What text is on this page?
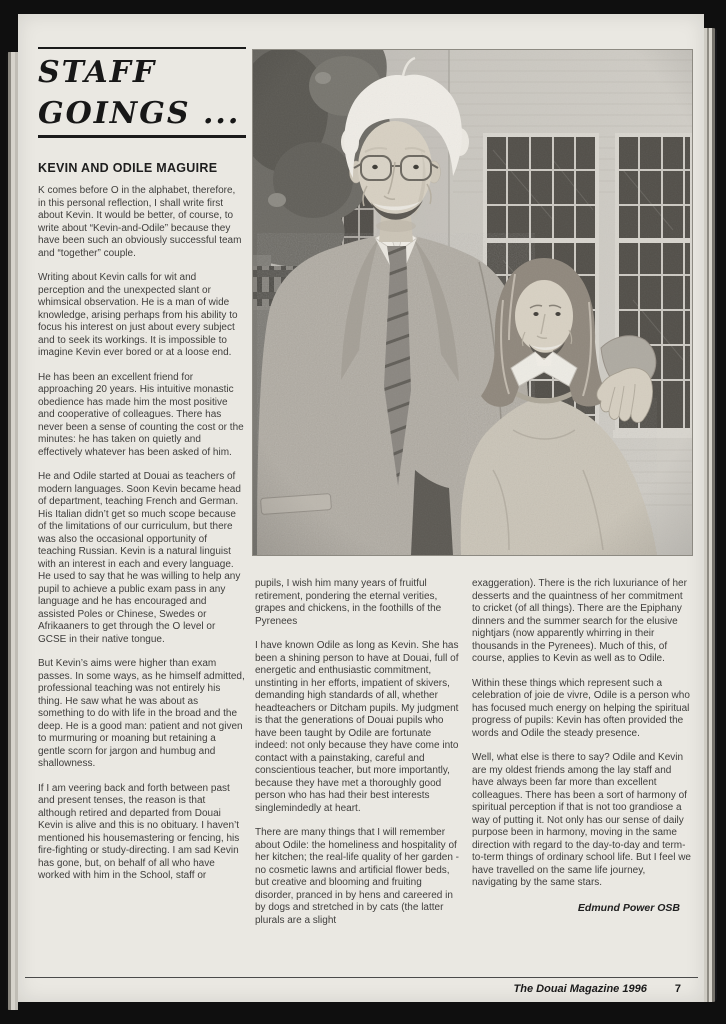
STAFF
GOINGS ...
KEVIN AND ODILE MAGUIRE

K comes before O in the alphabet, therefore, in this personal reflection, I shall write first about Kevin. It would be better, of course, to write about “Kevin-and-Odile” because they have been such an obviously successful team and “together” couple.

Writing about Kevin calls for wit and perception and the unexpected slant or whimsical observation. He is a man of wide knowledge, arising perhaps from his ability to focus his interest on just about every subject and to seek its workings. It is impossible to imagine Kevin ever bored or at a loose end.

He has been an excellent friend for approaching 20 years. His intuitive monastic obedience has made him the most positive and cooperative of colleagues. There has never been a sense of counting the cost or the minutes: he has taken on quietly and effectively whatever has been asked of him.

He and Odile started at Douai as teachers of modern languages. Soon Kevin became head of department, teaching French and German. His Italian didn’t get so much scope because of the limitations of our curriculum, but there was also the occasional opportunity of teaching Russian. Kevin is a natural linguist with an interest in each and every language. He used to say that he was willing to help any pupil to achieve a public exam pass in any language and he has encouraged and assisted Poles or Chinese, Swedes or Afrikaaners to get through the O level or GCSE in their native tongue.

But Kevin’s aims were higher than exam passes. In some ways, as he himself admitted, professional teaching was not entirely his thing. He saw what he was about as something to do with life in the broad and the deep. He is a good man: patient and not given to murmuring or moaning but retaining a gentle scorn for jargon and humbug and shallowness.

If I am veering back and forth between past and present tenses, the reason is that although retired and departed from Douai Kevin is alive and this is no obituary. I haven’t mentioned his housemastering or fencing, his fire-fighting or study-directing. I am sad Kevin has gone, but, on behalf of all who have worked with him in the School, staff or

pupils, I wish him many years of fruitful retirement, pondering the eternal verities, grapes and chickens, in the foothills of the Pyrenees

I have known Odile as long as Kevin. She has been a shining person to have at Douai, full of energetic and enthusiastic commitment, unstinting in her efforts, impatient of skivers, demanding high standards of all, whether headteachers or Ditcham pupils. My judgment is that the generations of Douai pupils who have been taught by Odile are fortunate indeed: not only because they have come into contact with a painstaking, careful and conscientious teacher, but more importantly, because they have met a thoroughly good person who has had their best interests singlemindedly at heart.

There are many things that I will remember about Odile: the homeliness and hospitality of her kitchen; the real-life quality of her garden - no cosmetic lawns and artificial flower beds, but creative and blooming and fruiting disorder, pranced in by hens and careered in by dogs and stretched in by cats (the latter plurals are a slight

exaggeration). There is the rich luxuriance of her desserts and the quaintness of her commitment to cricket (of all things). There are the Epiphany dinners and the summer search for the elusive nightjars (now apparently whirring in their thousands in the Pyrenees). Much of this, of course, applies to Kevin as well as to Odile.

Within these things which represent such a celebration of joie de vivre, Odile is a person who has focused much energy on helping the spiritual progress of pupils: Kevin has often provided the words and Odile the steady presence.

Well, what else is there to say? Odile and Kevin are my oldest friends among the lay staff and have always been far more than excellent colleagues. There has been a sort of harmony of spiritual perception if that is not too grandiose a way of putting it. Not only has our sense of daily purpose been in harmony, moving in the same direction with regard to the day-to-day and term-to-term things of ordinary school life. But I feel we have travelled on the same life journey, navigating by the same stars.

Edmund Power OSB
The Douai Magazine 1996	7
